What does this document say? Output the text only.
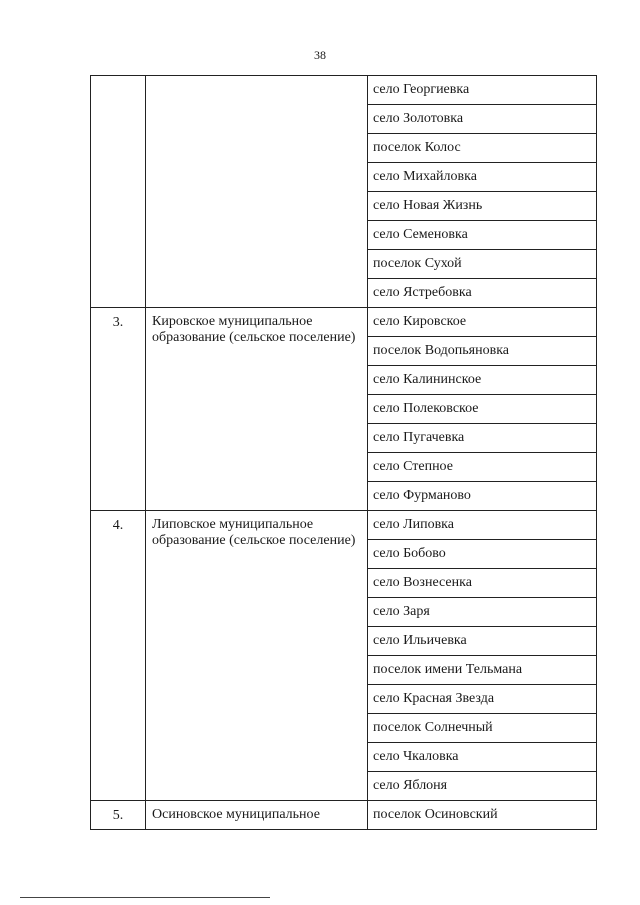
38
		село Георгиевка
		село Золотовка
		поселок Колос
		село Михайловка
		село Новая Жизнь
		село Семеновка
		поселок Сухой
		село Ястребовка
3.	Кировское муниципальное образование (сельское поселение)	село Кировское
		поселок Водопьяновка
		село Калининское
		село Полековское
		село Пугачевка
		село Степное
		село Фурманово
4.	Липовское муниципальное образование (сельское поселение)	село Липовка
		село Бобово
		село Вознесенка
		село Заря
		село Ильичевка
		поселок имени Тельмана
		село Красная Звезда
		поселок Солнечный
		село Чкаловка
		село Яблоня
5.	Осиновское муниципальное	поселок Осиновский
